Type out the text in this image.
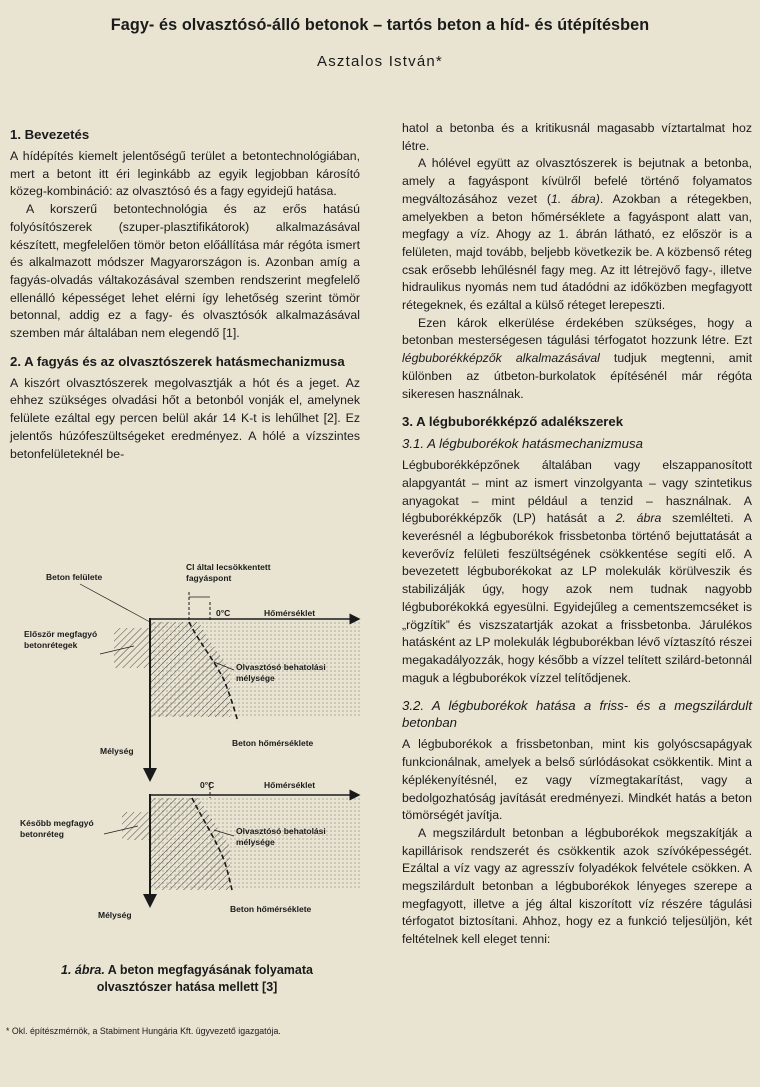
Fagy- és olvasztósó-álló betonok – tartós beton a híd- és útépítésben
Asztalos István*
1. Bevezetés

A hídépítés kiemelt jelentőségű terület a betontechnológiában, mert a betont itt éri leginkább az egyik legjobban károsító közeg-kombináció: az olvasztósó és a fagy egyidejű hatása.

A korszerű betontechnológia és az erős hatású folyósítószerek (szuper-plasztifikátorok) alkalmazásával készített, megfelelően tömör beton előállítása már régóta ismert és alkalmazott módszer Magyarországon is. Azonban amíg a fagyás-olvadás váltakozásával szemben rendszerint megfelelő ellenálló képességet lehet elérni így lehetőség szerint tömör betonnal, addig ez a fagy- és olvasztósók alkalmazásával szemben már általában nem elegendő [1].

2. A fagyás és az olvasztószerek hatásmechanizmusa

A kiszórt olvasztószerek megolvasztják a hót és a jeget. Az ehhez szükséges olvadási hőt a betonból vonják el, amelynek felülete ezáltal egy percen belül akár 14 K-t is lehűlhet [2]. Ez jelentős húzófeszültségeket eredményez. A hólé a vízszintes betonfelületeknél be-

hatol a betonba és a kritikusnál magasabb víztartalmat hoz létre.

A hólével együtt az olvasztószerek is bejutnak a betonba, amely a fagyáspont kívülről befelé történő folyamatos megváltozásához vezet (1. ábra). Azokban a rétegekben, amelyekben a beton hőmérséklete a fagyáspont alatt van, megfagy a víz. Ahogy az 1. ábrán látható, ez először is a felületen, majd tovább, beljebb következik be. A közbenső réteg csak erősebb lehűlésnél fagy meg. Az itt létrejövő fagy-, illetve hidraulikus nyomás nem tud átadódni az időközben megfagyott rétegeknek, és ezáltal a külső réteget lerepeszti.

Ezen károk elkerülése érdekében szükséges, hogy a betonban mesterségesen tágulási térfogatot hozzunk létre. Ezt légbuborékképzők alkalmazásával tudjuk megtenni, amit különben az útbeton-burkolatok építésénél már régóta sikeresen használnak.

3. A légbuborékképző adalékszerek
3.1. A légbuborékok hatásmechanizmusa

Légbuborékképzőnek általában vagy elszappanosított alapgyantát – mint az ismert vinzolgyanta – vagy szintetikus anyagokat – mint például a tenzid – használnak. A légbuborékképzők (LP) hatását a 2. ábra szemlélteti. A keverésnél a légbuborékok frissbetonba történő bejuttatását a keverővíz felületi feszültségének csökkentése segíti elő. A bevezetett légbuborékokat az LP molekulák körülveszik és stabilizálják úgy, hogy azok nem tudnak nagyobb légbuborékokká egyesülni. Egyidejűleg a cementszemcséket is „rögzítik” és viszszatartják azokat a frissbetonba. Járulékos hatásként az LP molekulák légbuborékban lévő víztaszító részei megakadályozzák, hogy később a vízzel telített szilárd-betonnál maguk a légbuborékok vízzel telítődjenek.

3.2. A légbuborékok hatása a friss- és a megszilárdult betonban

A légbuborékok a frissbetonban, mint kis golyóscsapágyak funkcionálnak, amelyek a belső súrlódásokat csökkentik. Mint a képlékenyítésnél, ez vagy vízmegtakarítást, vagy a bedolgozhatóság javítását eredményezi. Mindkét hatás a beton tömörségét javítja.

A megszilárdult betonban a légbuborékok megszakítják a kapillárisok rendszerét és csökkentik azok szívóképességét. Ezáltal a víz vagy az agresszív folyadékok felvétele csökken. A megszilárdult betonban a légbuborékok lényeges szerepe a megfagyott, illetve a jég által kiszorított víz részére tágulási térfogatot biztosítani. Ahhoz, hogy ez a funkció teljesüljön, két feltételnek kell eleget tenni:

Beton felülete
Cl által lecsökkentett
fagyáspont
0°C	Hőmérséklet
Először megfagyó
betonrétegek
Olvasztósó behatolási
mélysége
Mélység
Beton hőmérséklete
0°C	Hőmérséklet
Később megfagyó
betonréteg	Olvasztósó behatolási
mélysége
Mélység
Beton hőmérséklete
1. ábra. A beton megfagyásának folyamata
olvasztószer hatása mellett [3]
* Okl. építészmérnök, a Stabiment Hungária Kft. ügyvezető igazgatója.
